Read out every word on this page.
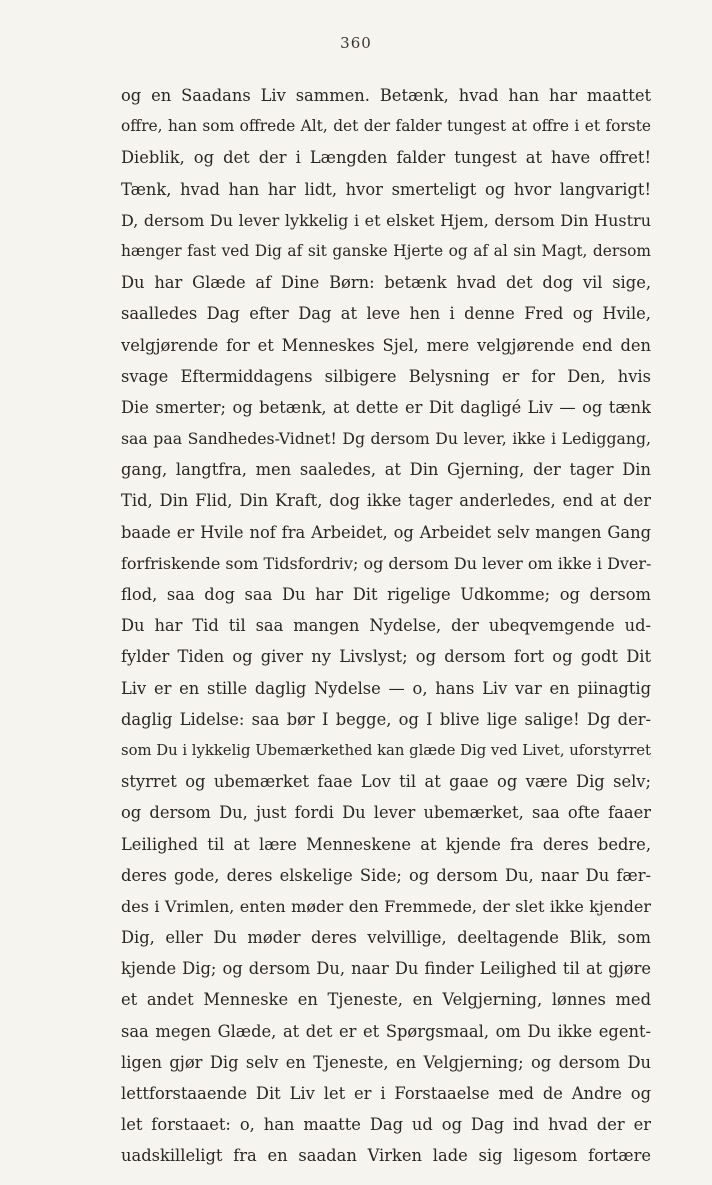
360
og en Saadans Liv sammen. Betænk, hvad han har maattet
offre, han som offrede Alt, det der falder tungest at offre i et forste
Dieblik, og det der i Længden falder tungest at have offret!
Tænk, hvad han har lidt, hvor smerteligt og hvor langvarigt!
D, dersom Du lever lykkelig i et elsket Hjem, dersom Din Hustru
hænger fast ved Dig af sit ganske Hjerte og af al sin Magt, dersom
Du har Glæde af Dine Børn: betænk hvad det dog vil sige,
saalledes Dag efter Dag at leve hen i denne Fred og Hvile,
velgjørende for et Menneskes Sjel, mere velgjørende end den
svage Eftermiddagens silbigere Belysning er for Den, hvis
Die smerter; og betænk, at dette er Dit dagligé Liv — og tænk
saa paa Sandhedes-Vidnet! Dg dersom Du lever, ikke i Lediggang,
gang, langtfra, men saaledes, at Din Gjerning, der tager Din
Tid, Din Flid, Din Kraft, dog ikke tager anderledes, end at der
baade er Hvile nof fra Arbeidet, og Arbeidet selv mangen Gang
forfriskende som Tidsfordriv; og dersom Du lever om ikke i Dver-
flod, saa dog saa Du har Dit rigelige Udkomme; og dersom
Du har Tid til saa mangen Nydelse, der ubeqvemgende ud-
fylder Tiden og giver ny Livslyst; og dersom fort og godt Dit
Liv er en stille daglig Nydelse — o, hans Liv var en piinagtig
daglig Lidelse: saa bør I begge, og I blive lige salige! Dg der-
som Du i lykkelig Ubemærkethed kan glæde Dig ved Livet, uforstyrret
styrret og ubemærket faae Lov til at gaae og være Dig selv;
og dersom Du, just fordi Du lever ubemærket, saa ofte faaer
Leilighed til at lære Menneskene at kjende fra deres bedre,
deres gode, deres elskelige Side; og dersom Du, naar Du fær-
des i Vrimlen, enten møder den Fremmede, der slet ikke kjender
Dig, eller Du møder deres velvillige, deeltagende Blik, som
kjende Dig; og dersom Du, naar Du finder Leilighed til at gjøre
et andet Menneske en Tjeneste, en Velgjerning, lønnes med
saa megen Glæde, at det er et Spørgsmaal, om Du ikke egent-
ligen gjør Dig selv en Tjeneste, en Velgjerning; og dersom Du
lettforstaaende Dit Liv let er i Forstaaelse med de Andre og
let forstaaet: o, han maatte Dag ud og Dag ind hvad der er
uadskilleligt fra en saadan Virken lade sig ligesom fortære
